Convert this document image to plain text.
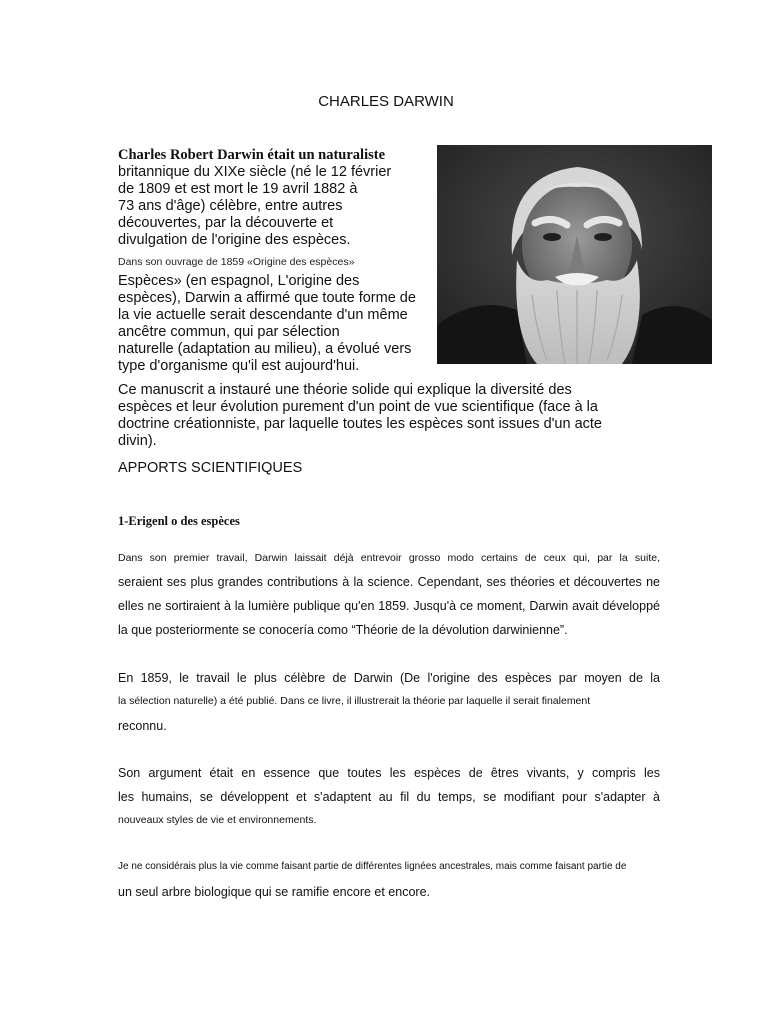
CHARLES DARWIN
Charles Robert Darwin était un naturaliste
britannique du XIXe siècle (né le 12 février
de 1809 et est mort le 19 avril 1882 à
73 ans d'âge) célèbre, entre autres
découvertes, par la découverte et
divulgation de l'origine des espèces.
Dans son ouvrage de 1859 «Origine des espèces»
Espèces» (en espagnol, L'origine des
espèces), Darwin a affirmé que toute forme de
la vie actuelle serait descendante d'un même
ancêtre commun, qui par sélection
naturelle (adaptation au milieu), a évolué vers
type d'organisme qu'il est aujourd'hui.
Ce manuscrit a instauré une théorie solide qui explique la diversité des
espèces et leur évolution purement d'un point de vue scientifique (face à la
doctrine créationniste, par laquelle toutes les espèces sont issues d'un acte
divin).
APPORTS SCIENTIFIQUES
1-Erigenl o des espèces
Dans son premier travail, Darwin laissait déjà entrevoir grosso modo certains de ceux qui, par la suite,
seraient ses plus grandes contributions à la science. Cependant, ses théories et découvertes ne
elles ne sortiraient à la lumière publique qu'en 1859. Jusqu'à ce moment, Darwin avait développé
la que posteriormente se conocería como “Théorie de la dévolution darwinienne”.
En 1859, le travail le plus célèbre de Darwin (De l'origine des espèces par moyen de la
la sélection naturelle) a été publié. Dans ce livre, il illustrerait la théorie par laquelle il serait finalement
reconnu.
Son argument était en essence que toutes les espèces de êtres vivants, y compris les
les humains, se développent et s'adaptent au fil du temps, se modifiant pour s'adapter à
nouveaux styles de vie et environnements.
Je ne considérais plus la vie comme faisant partie de différentes lignées ancestrales, mais comme faisant partie de
un seul arbre biologique qui se ramifie encore et encore.
